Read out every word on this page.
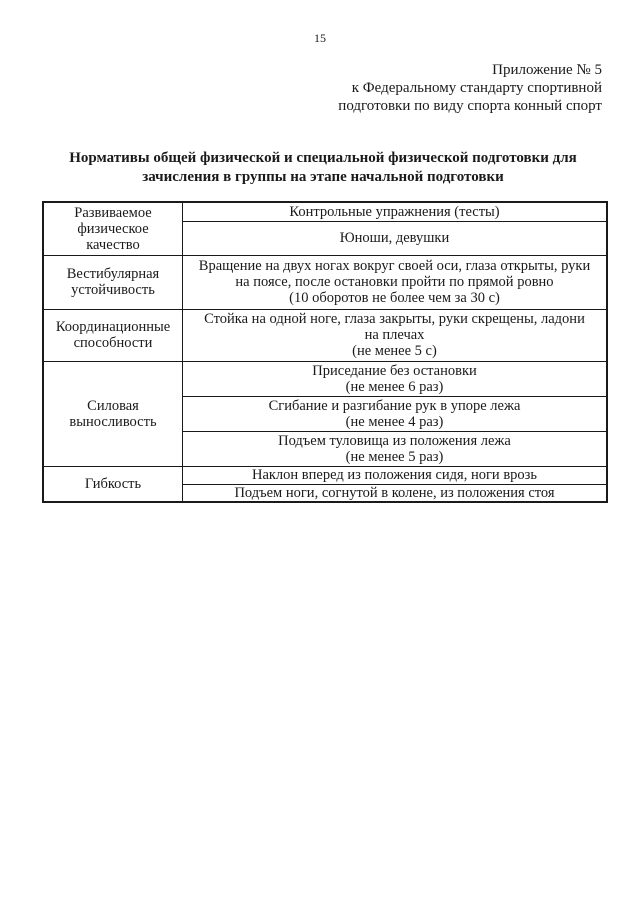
15
Приложение № 5
к Федеральному стандарту спортивной
подготовки по виду спорта конный спорт
Нормативы общей физической и специальной физической подготовки для
зачисления в группы на этапе начальной подготовки
Развиваемое
физическое
качество	Контрольные упражнения (тесты)

	Юноши, девушки

Вестибулярная
устойчивость	Вращение на двух ногах вокруг своей оси, глаза открыты, руки
на поясе, после остановки пройти по прямой ровно
(10 оборотов не более чем за 30 с)

Координационные
способности	Стойка на одной ноге, глаза закрыты, руки скрещены, ладони
на плечах
(не менее 5 с)

Силовая
выносливость	Приседание без остановки
(не менее 6 раз)

	Сгибание и разгибание рук в упоре лежа
(не менее 4 раз)

	Подъем туловища из положения лежа
(не менее 5 раз)

Гибкость	Наклон вперед из положения сидя, ноги врозь

	Подъем ноги, согнутой в колене, из положения стоя
